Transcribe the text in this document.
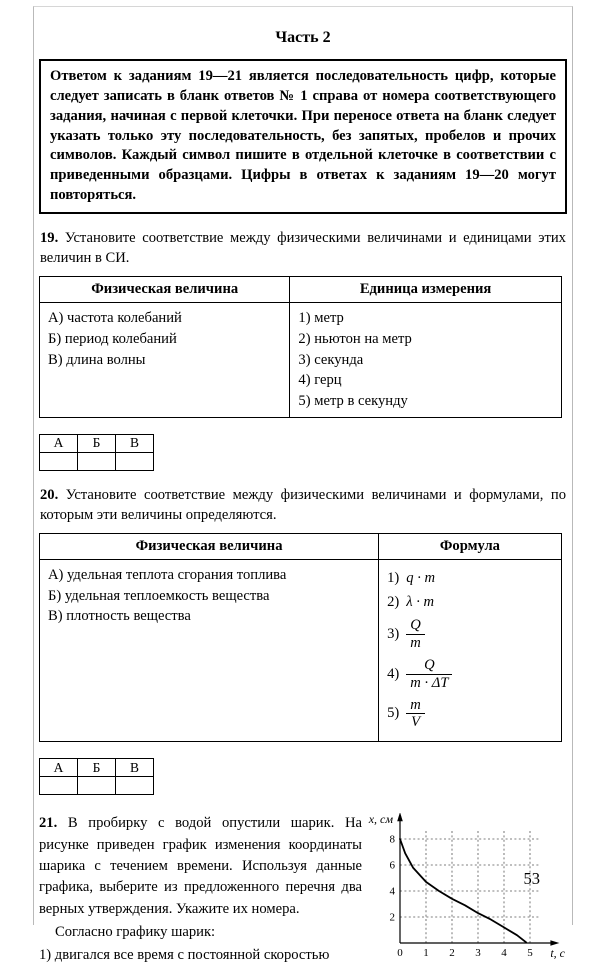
Часть 2
Ответом к заданиям 19—21 является последовательность цифр, которые следует записать в бланк ответов № 1 справа от номера соответствующего задания, начиная с первой клеточки. При переносе ответа на бланк следует указать только эту последовательность, без запятых, пробелов и прочих символов. Каждый символ пишите в отдельной клеточке в соответствии с приведенными образцами. Цифры в ответах к заданиям 19—20 могут повторяться.

19. Установите соответствие между физическими величинами и единицами этих величин в СИ.

Физическая величина	Единица измерения

А) частота колебаний
Б) период колебаний
В) длина волны

1) метр
2) ньютон на метр
3) секунда
4) герц
5) метр в секунду
А	Б	В

20. Установите соответствие между физическими величинами и формулами, по которым эти величины определяются.

Физическая величина	Формула

А) удельная теплота сгорания топлива
Б) удельная теплоемкость вещества
В) плотность вещества

1) q · m
2) λ · m
$3) \frac{Q}{m}$
$4) \frac{Q}{m \cdot \Delta T}$
$5) \frac{m}{V}$
А	Б	В

21. В пробирку с водой опустили шарик. На рисунке приведен график изменения координаты шарика с течением времени. Используя данные графика, выберите из предложенного перечня два верных утверждения. Укажите их номера.

Согласно графику шарик:

1) двигался все время с постоянной скоростью	0 1 2 3 4 5
2
4
6
8
x, см
t, с
53
